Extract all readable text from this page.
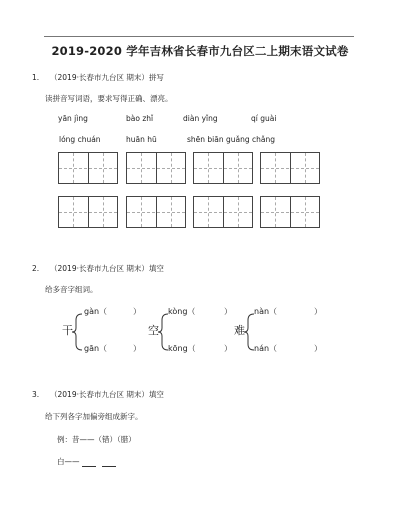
2019-2020 学年吉林省长春市九台区二上期末语文试卷
1. （2019·长春市九台区 期末）拼写
读拼音写词语，要求写得正确、漂亮。
yān jìng	bào zhǐ	diàn yǐng	qí guài
lóng chuán	huān hū	shēn biān guǎng chǎng
2. （2019·长春市九台区 期末）填空
给多音字组词。
干
gàn（	）
gān（	）
空
kòng（	）
kōng（	）
难
nàn（	）
nán（	）
3. （2019·长春市九台区 期末）填空
给下列各字加偏旁组成新字。
例：昔——（错）（腊）
白——
